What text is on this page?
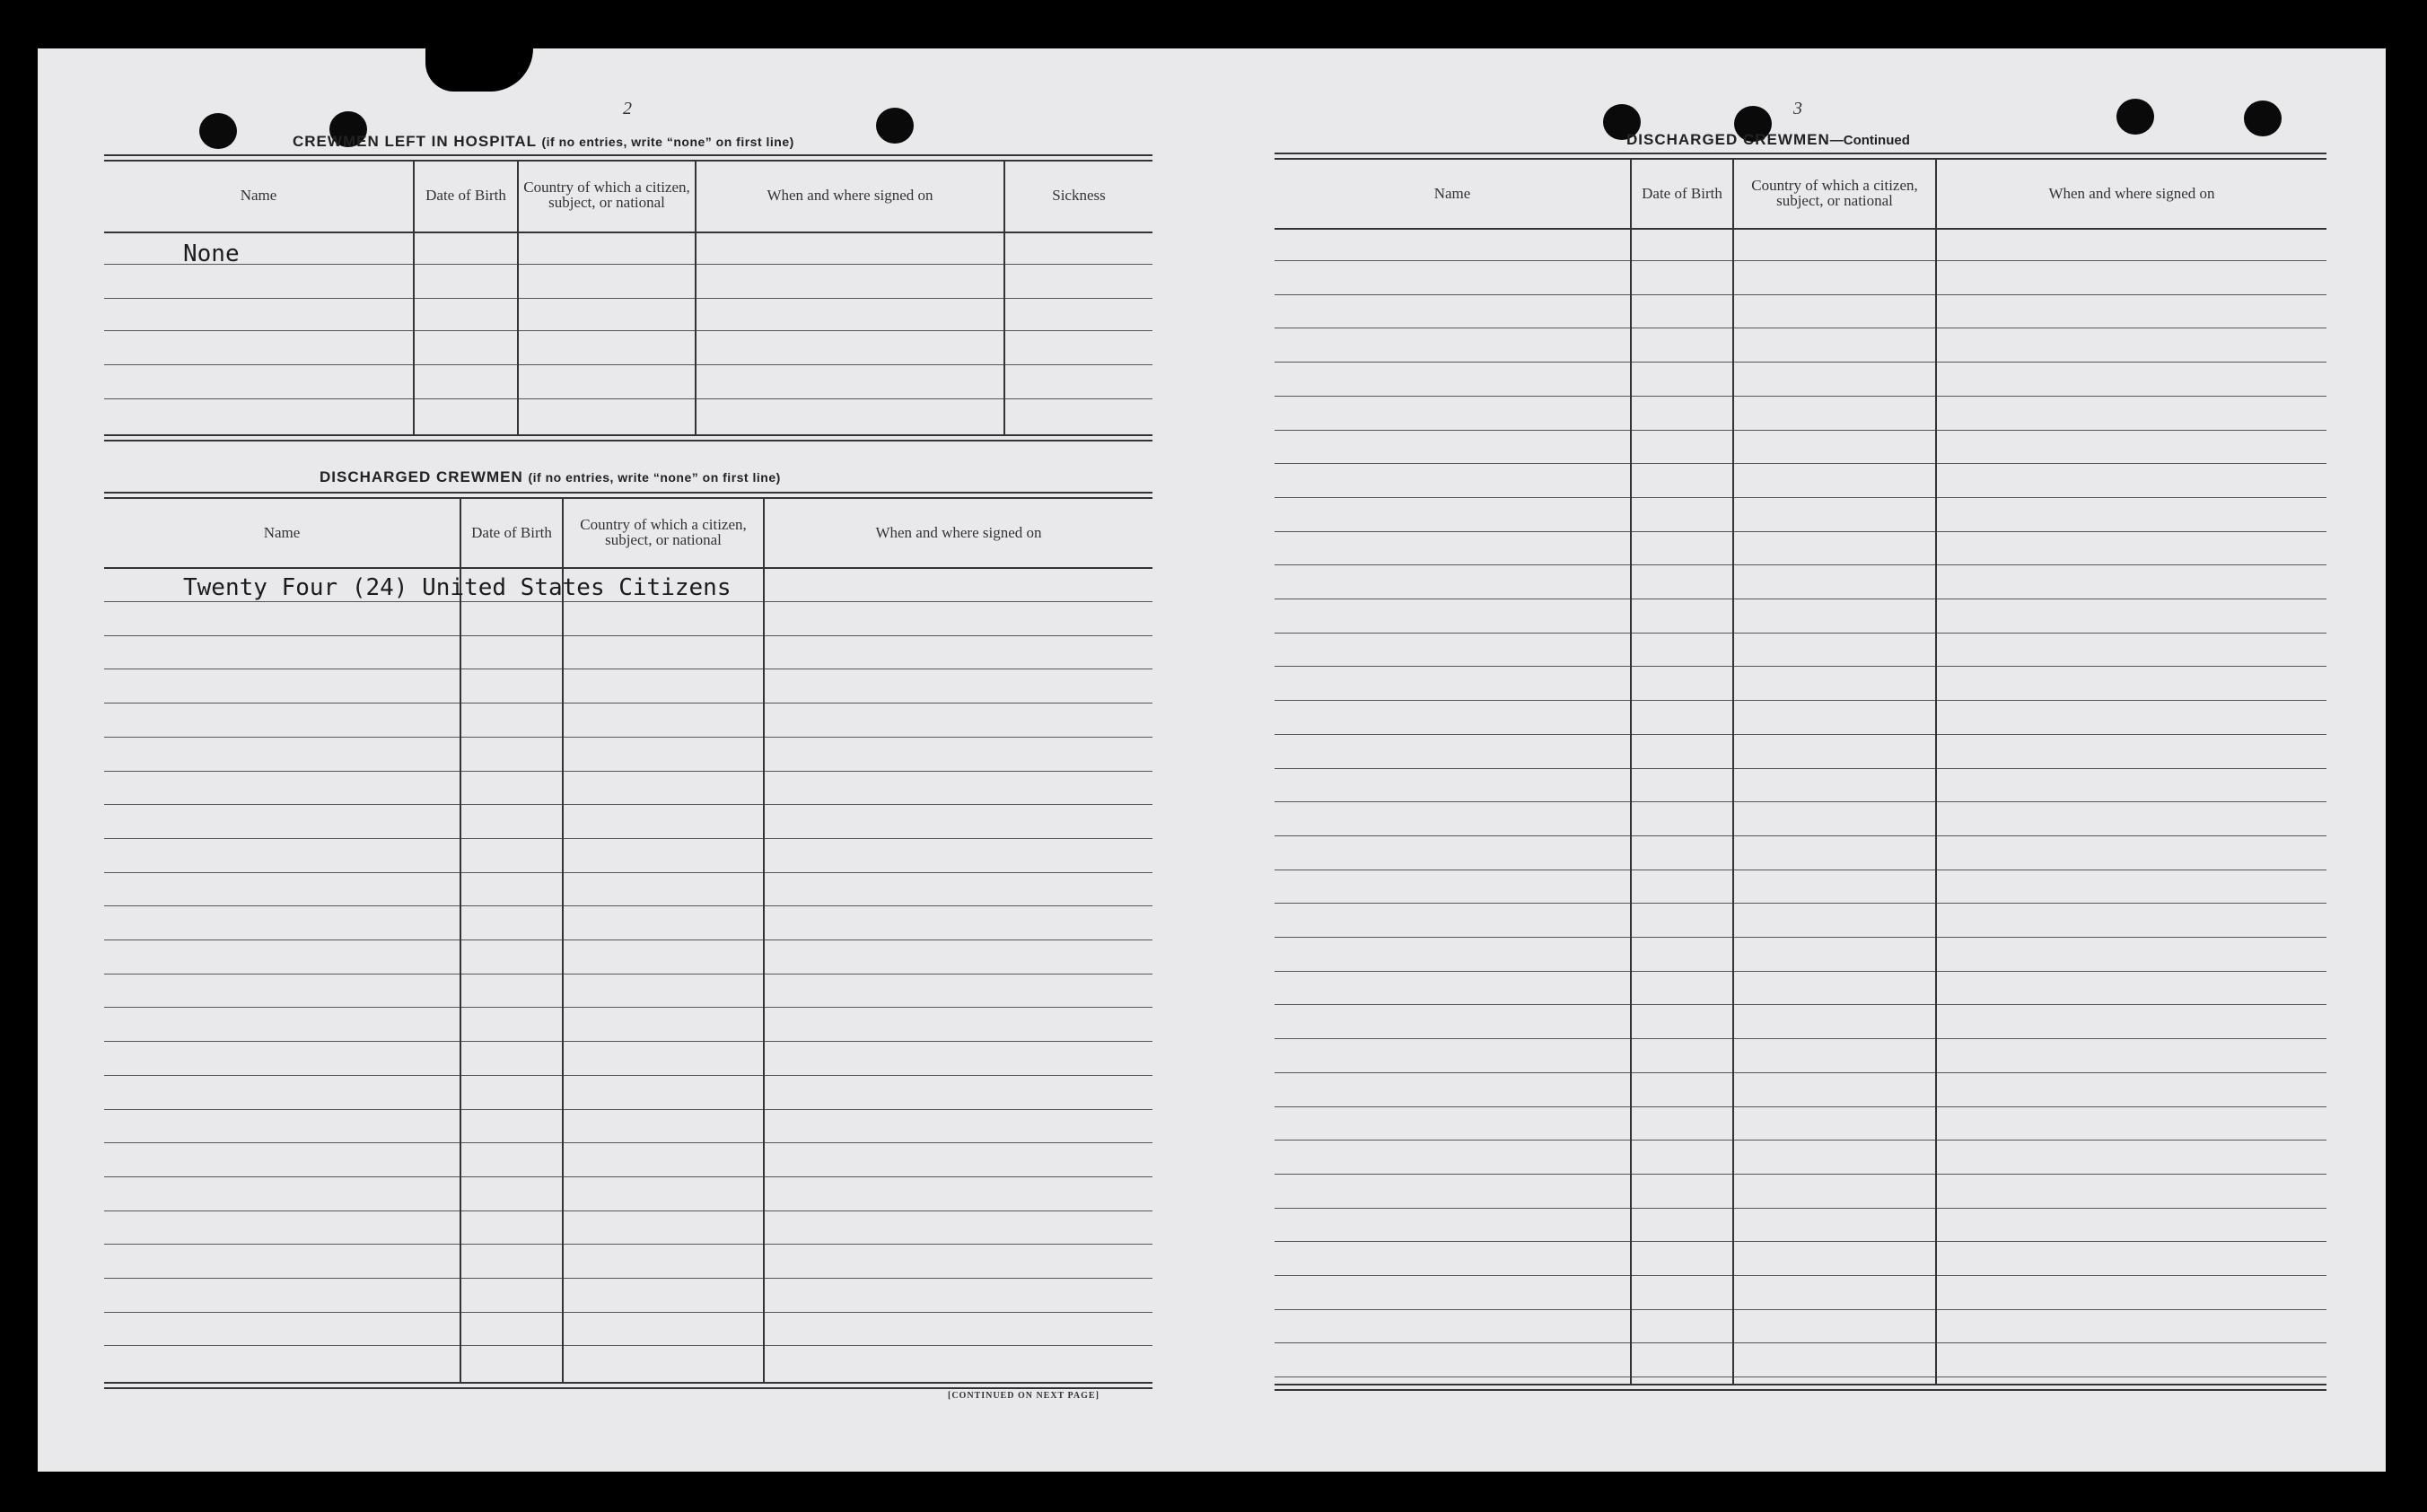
2
CREWMEN LEFT IN HOSPITAL (if no entries, write “none” on first line)
Name	Date of Birth	Country of which a citizen, subject, or national	When and where signed on	Sickness
None
DISCHARGED CREWMEN (if no entries, write “none” on first line)
Name	Date of Birth	Country of which a citizen, subject, or national	When and where signed on
Twenty Four (24) United States Citizens
[CONTINUED ON NEXT PAGE]
3
DISCHARGED CREWMEN—Continued
Name	Date of Birth	Country of which a citizen, subject, or national	When and where signed on
